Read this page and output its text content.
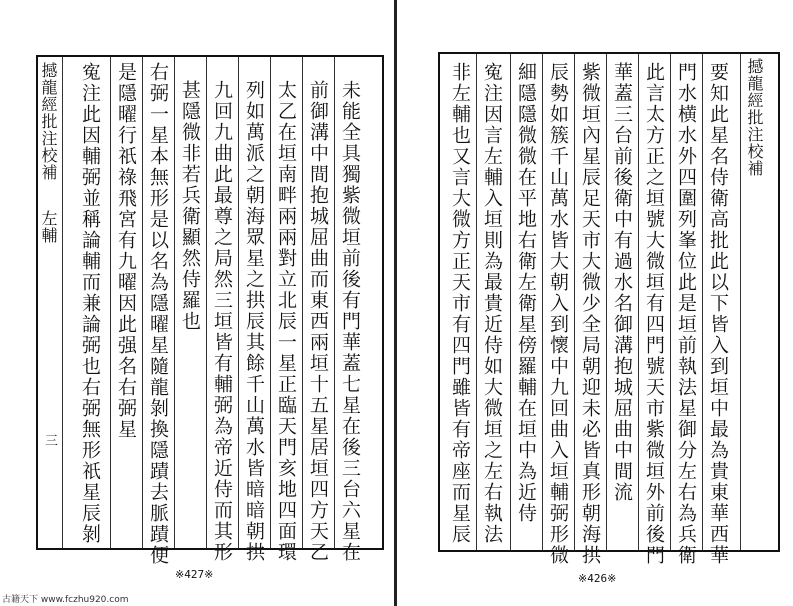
撼龍經批注校補
左輔	未能全具獨紫微垣前後有門華蓋七星在後三台六星在
前御溝中間抱城屈曲而東西兩垣十五星居垣四方天乙
太乙在垣南畔兩兩對立北辰一星正臨天門亥地四面環
列如萬派之朝海眾星之拱辰其餘千山萬水皆暗暗朝拱
九回九曲此最尊之局然三垣皆有輔弼為帝近侍而其形
甚隱微非若兵衛顯然侍羅也
右弼一星本無形是以名為隱曜星隨龍剝換隱蹟去脈蹟便
是隱曜行祇祿飛宮有九曜因此强名右弼星
寃注此因輔弼並稱論輔而兼論弼也右弼無形祇星辰剝
三
※427※
古籍天下 www.fczhu920.com
撼龍經批注校補
要知此星名侍衛高批此以下皆入到垣中最為貴東華西華
門水横水外四圍列峯位此是垣前執法星御分左右為兵衛
此言太方正之垣號大微垣有四門號天市紫微垣外前後門
華蓋三台前後衛中有過水名御溝抱城屈曲中間流
紫微垣內星辰足天市大微少全局朝迎未必皆真形朝海拱
辰勢如簇千山萬水皆大朝入到懷中九回曲入垣輔弼形微
細隱隱微微在平地右衛左衛星傍羅輔在垣中為近侍
寃注因言左輔入垣則為最貴近侍如大微垣之左右執法
非左輔也又言大微方正天市有四門雖皆有帝座而星辰
※426※
